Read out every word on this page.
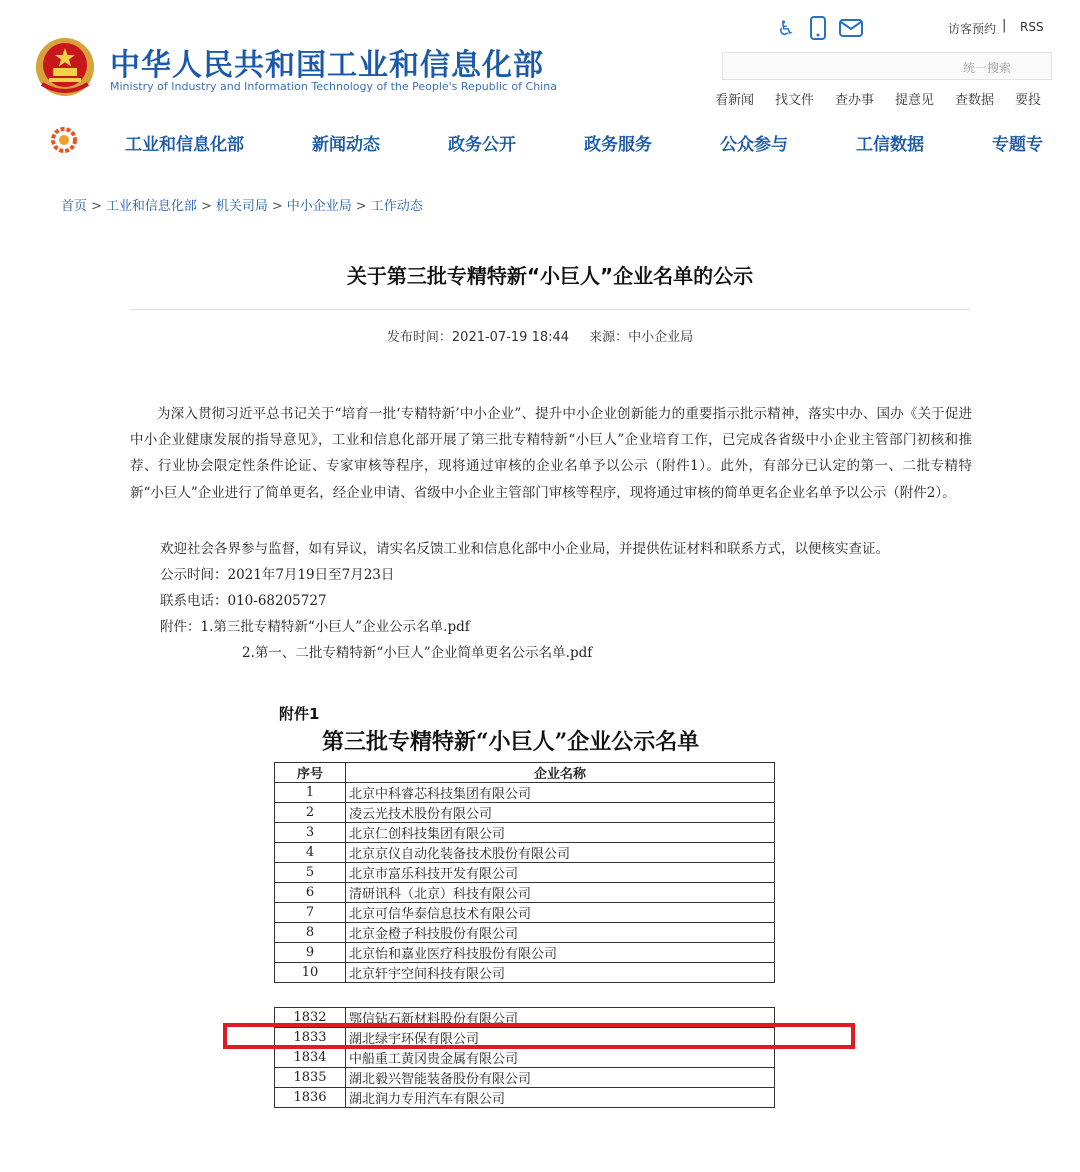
中华人民共和国工业和信息化部
Ministry of Industry and Information Technology of the People's Republic of China
♿	访客预约 | RSS
统一搜索
看新闻 找文件 查办事 提意见 查数据 要投
工业和信息化部	新闻动态	政务公开	政务服务	公众参与	工信数据	专题专
首页 > 工业和信息化部 > 机关司局 > 中小企业局 > 工作动态
关于第三批专精特新“小巨人”企业名单的公示
发布时间：2021-07-19 18:44 来源：中小企业局
为深入贯彻习近平总书记关于“培育一批‘专精特新’中小企业”、提升中小企业创新能力的重要指示批示精神，落实中办、国办《关于促进中小企业健康发展的指导意见》，工业和信息化部开展了第三批专精特新“小巨人”企业培育工作，已完成各省级中小企业主管部门初核和推荐、行业协会限定性条件论证、专家审核等程序，现将通过审核的企业名单予以公示（附件1）。此外，有部分已认定的第一、二批专精特新“小巨人”企业进行了简单更名，经企业申请、省级中小企业主管部门审核等程序，现将通过审核的简单更名企业名单予以公示（附件2）。
欢迎社会各界参与监督，如有异议，请实名反馈工业和信息化部中小企业局，并提供佐证材料和联系方式，以便核实查证。
公示时间：2021年7月19日至7月23日
联系电话：010-68205727
附件：1.第三批专精特新“小巨人”企业公示名单.pdf
2.第一、二批专精特新“小巨人”企业简单更名公示名单.pdf
附件1
第三批专精特新“小巨人”企业公示名单
序号	企业名称
1	北京中科睿芯科技集团有限公司
2	凌云光技术股份有限公司
3	北京仁创科技集团有限公司
4	北京京仪自动化装备技术股份有限公司
5	北京市富乐科技开发有限公司
6	清研讯科（北京）科技有限公司
7	北京可信华泰信息技术有限公司
8	北京金橙子科技股份有限公司
9	北京怡和嘉业医疗科技股份有限公司
10	北京轩宇空间科技有限公司
1832	鄂信钻石新材料股份有限公司
1833	湖北绿宇环保有限公司
1834	中船重工黄冈贵金属有限公司
1835	湖北毅兴智能装备股份有限公司
1836	湖北润力专用汽车有限公司
